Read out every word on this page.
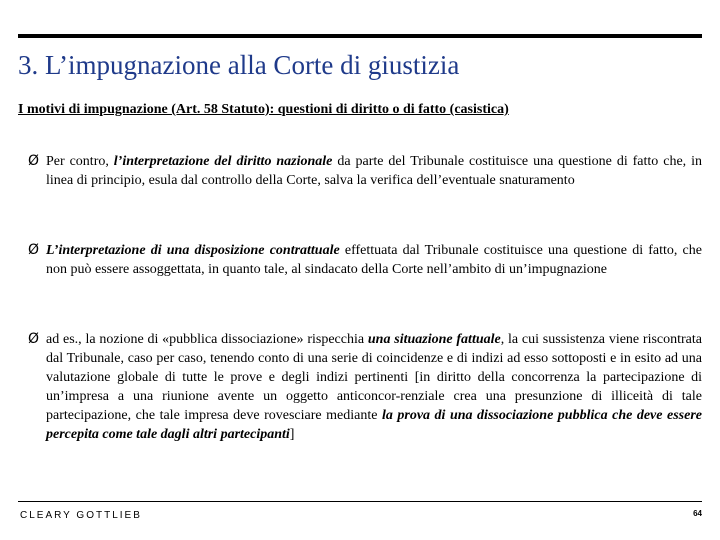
3. L’impugnazione alla Corte di giustizia
I motivi di impugnazione (Art. 58 Statuto): questioni di diritto o di fatto (casistica)
Ø Per contro, l’interpretazione del diritto nazionale da parte del Tribunale costituisce una questione di fatto che, in linea di principio, esula dal controllo della Corte, salva la verifica dell’eventuale snaturamento
Ø L’interpretazione di una disposizione contrattuale effettuata dal Tribunale costituisce una questione di fatto, che non può essere assoggettata, in quanto tale, al sindacato della Corte nell’ambito di un’impugnazione
Ø ad es., la nozione di «pubblica dissociazione» rispecchia una situazione fattuale, la cui sussistenza viene riscontrata dal Tribunale, caso per caso, tenendo conto di una serie di coincidenze e di indizi ad esso sottoposti e in esito ad una valutazione globale di tutte le prove e degli indizi pertinenti [in diritto della concorrenza la partecipazione di un’impresa a una riunione avente un oggetto anticoncor-renziale crea una presunzione di illiceità di tale partecipazione, che tale impresa deve rovesciare mediante la prova di una dissociazione pubblica che deve essere percepita come tale dagli altri partecipanti]
CLEARY GOTTLIEB	64
